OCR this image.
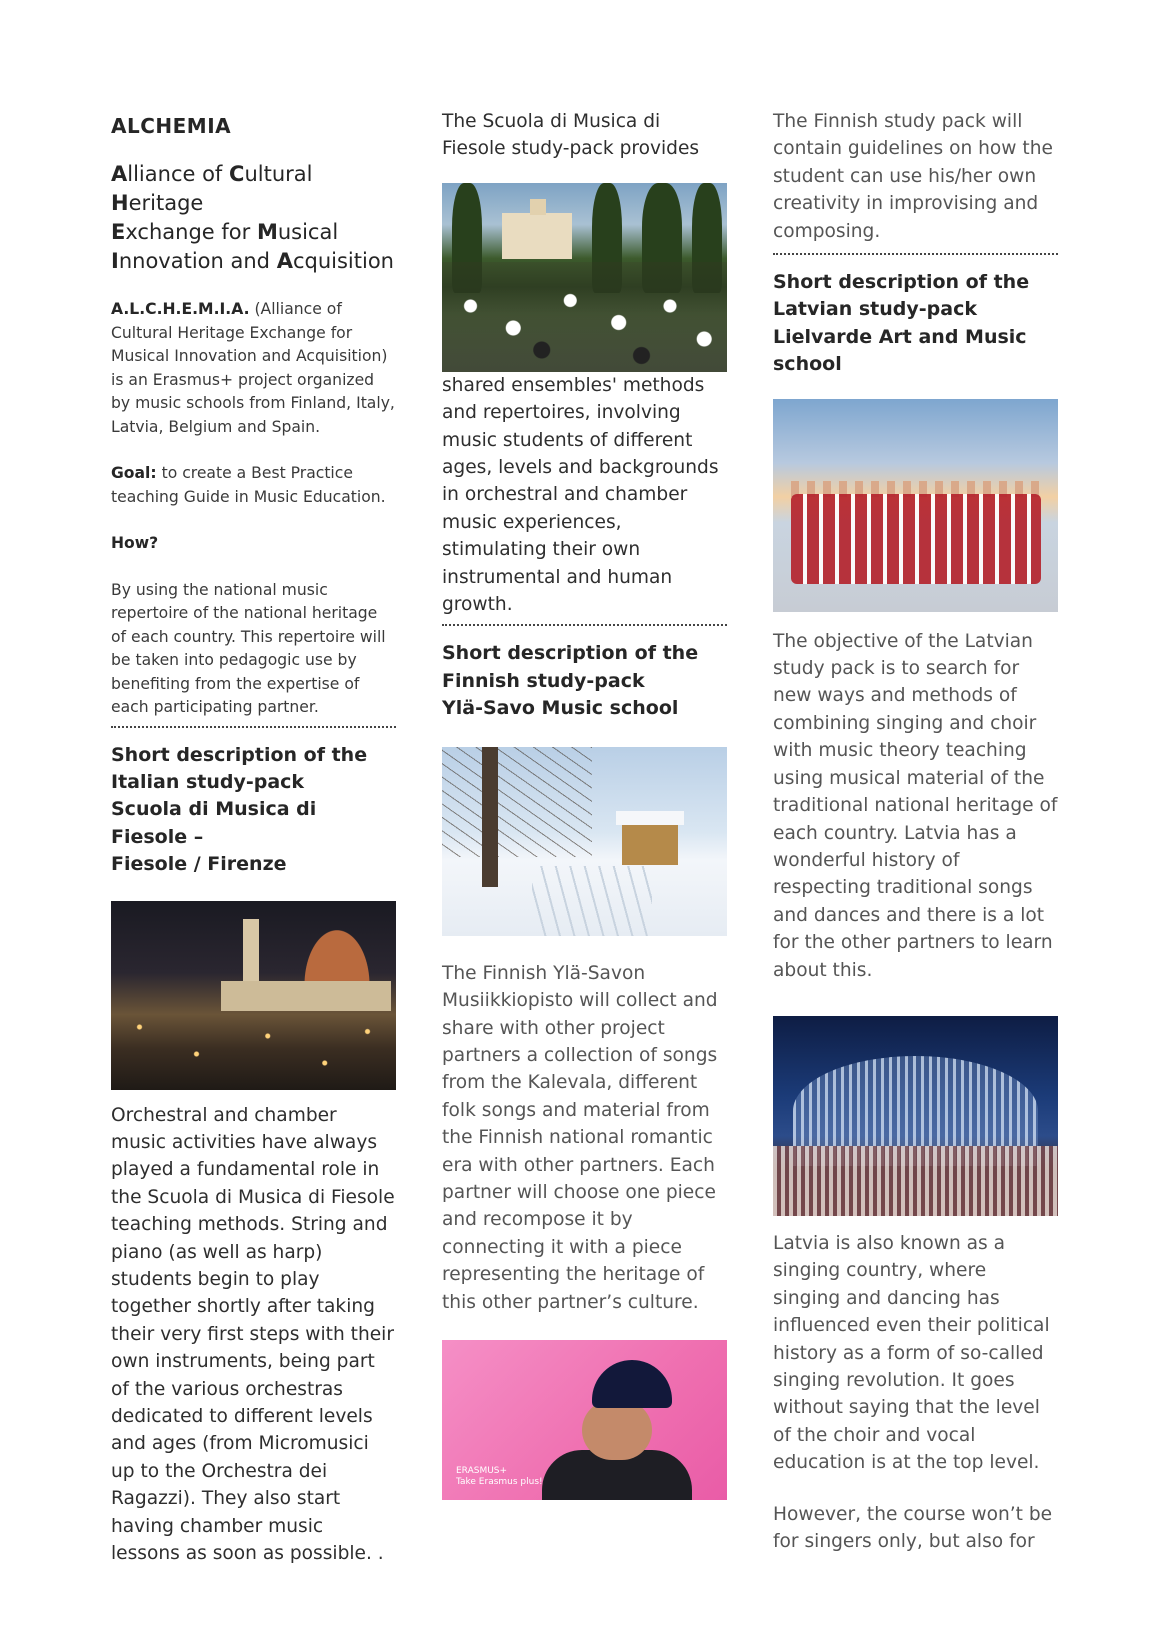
ALCHEMIA
Alliance of Cultural Heritage
Exchange for Musical
Innovation and Acquisition

A.L.C.H.E.M.I.A. (Alliance of Cultural Heritage Exchange for Musical Innovation and Acquisition) is an Erasmus+ project organized by music schools from Finland, Italy, Latvia, Belgium and Spain.

Goal: to create a Best Practice teaching Guide in Music Education.

How?

By using the national music repertoire of the national heritage of each country. This repertoire will be taken into pedagogic use by benefiting from the expertise of each participating partner.

Short description of the
Italian study-pack
Scuola di Musica di Fiesole –
Fiesole / Firenze

Orchestral and chamber music activities have always played a fundamental role in the Scuola di Musica di Fiesole teaching methods. String and piano (as well as harp) students begin to play together shortly after taking their very first steps with their own instruments, being part of the various orchestras dedicated to different levels and ages (from Micromusici up to the Orchestra dei Ragazzi). They also start having chamber music lessons as soon as possible. .

The Scuola di Musica di Fiesole study-pack provides

shared ensembles' methods and repertoires, involving music students of different ages, levels and backgrounds in orchestral and chamber music experiences, stimulating their own instrumental and human growth.

Short description of the
Finnish study-pack
Ylä-Savo Music school

The Finnish Ylä-Savon Musiikkiopisto will collect and share with other project partners a collection of songs from the Kalevala, different folk songs and material from the Finnish national romantic era with other partners. Each partner will choose one piece and recompose it by connecting it with a piece representing the heritage of this other partner’s culture.

ERASMUS+
Take Erasmus plus!

The Finnish study pack will contain guidelines on how the student can use his/her own creativity in improvising and composing.

Short description of the
Latvian study-pack
Lielvarde Art and Music
school

The objective of the Latvian study pack is to search for new ways and methods of combining singing and choir with music theory teaching using musical material of the traditional national heritage of each country. Latvia has a wonderful history of respecting traditional songs and dances and there is a lot for the other partners to learn about this.

Latvia is also known as a singing country, where singing and dancing has influenced even their political history as a form of so-called singing revolution. It goes without saying that the level of the choir and vocal education is at the top level.

However, the course won’t be for singers only, but also for
